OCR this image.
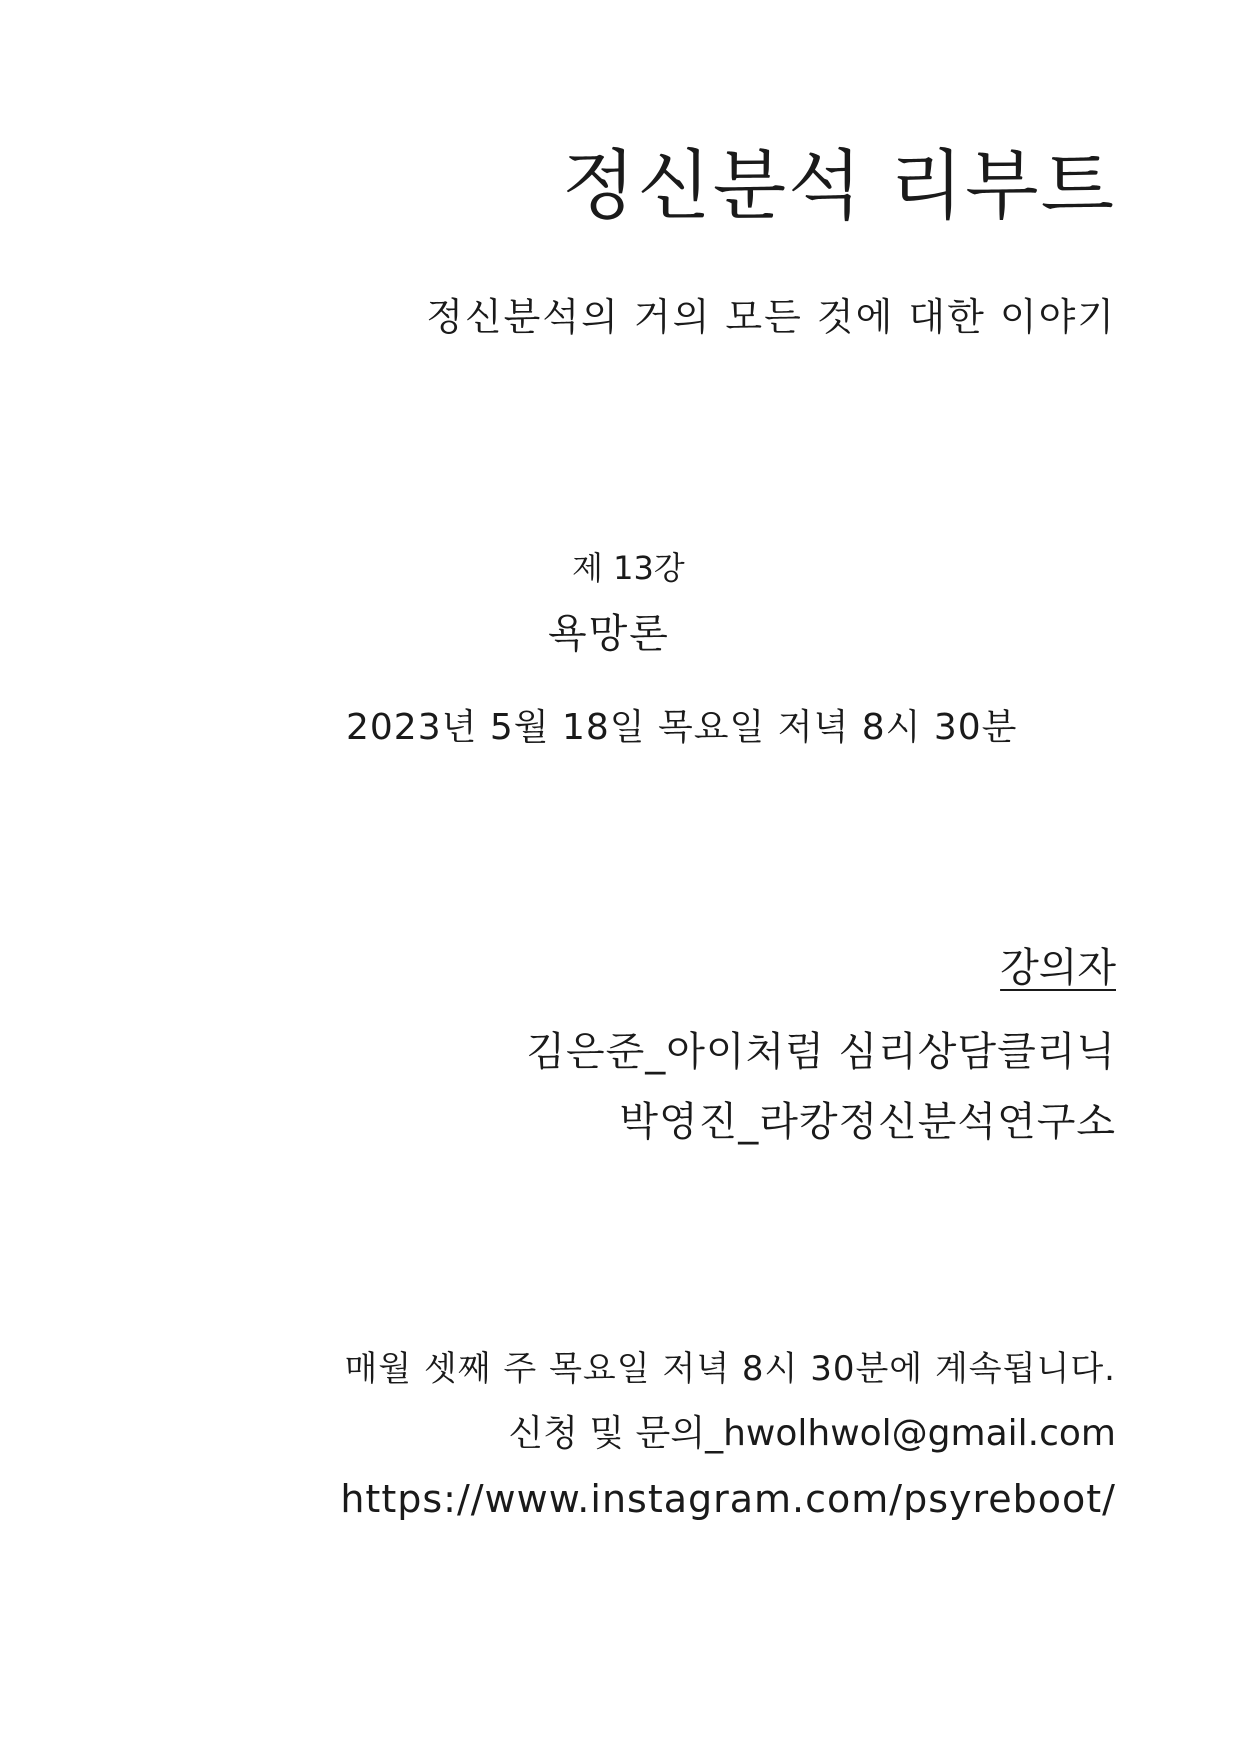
정신분석 리부트
정신분석의 거의 모든 것에 대한 이야기
제 13강
욕망론
2023년 5월 18일 목요일 저녁 8시 30분
강의자
김은준_아이처럼 심리상담클리닉
박영진_라캉정신분석연구소
매월 셋째 주 목요일 저녁 8시 30분에 계속됩니다.
신청 및 문의_hwolhwol@gmail.com
https://www.instagram.com/psyreboot/
